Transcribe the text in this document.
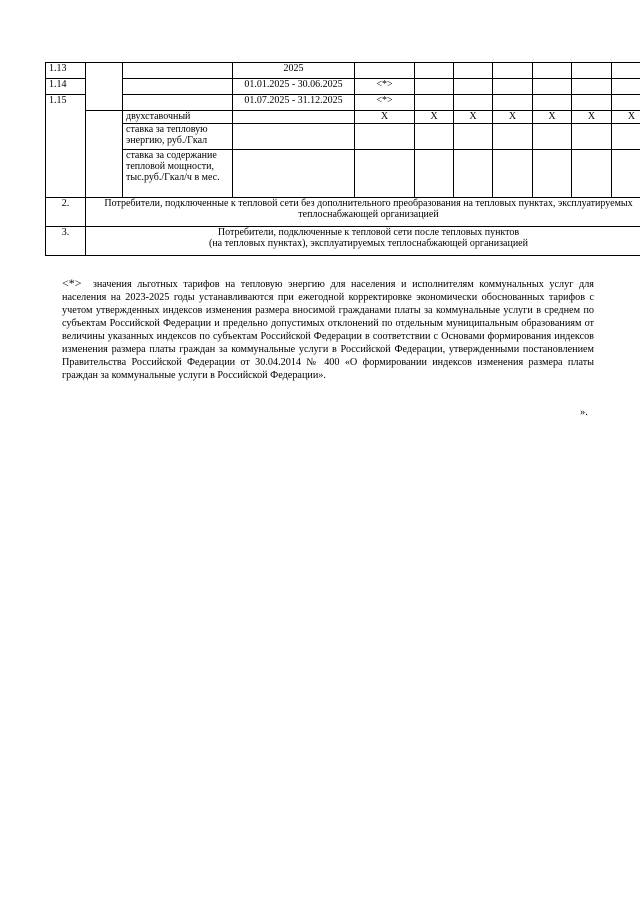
1.13			2025							
1.14			01.01.2025 - 30.06.2025	<*>						
1.15			01.07.2025 - 31.12.2025	<*>						
		двухставочный		X	X	X	X	X	X	X
		ставка за тепловую энергию, руб./Гкал								
		ставка за содержание тепловой мощности, тыс.руб./Гкал/ч в мес.								
2.	Потребители, подключенные к тепловой сети без дополнительного преобразования на тепловых пунктах, эксплуатируемых теплоснабжающей организацией									
3.	Потребители, подключенные к тепловой сети после тепловых пунктов
(на тепловых пунктах), эксплуатируемых теплоснабжающей организацией									
<*> значения льготных тарифов на тепловую энергию для населения и исполнителям коммунальных услуг для населения на 2023-2025 годы устанавливаются при ежегодной корректировке экономически обоснованных тарифов с учетом утвержденных индексов изменения размера вносимой гражданами платы за коммунальные услуги в среднем по субъектам Российской Федерации и предельно допустимых отклонений по отдельным муниципальным образованиям от величины указанных индексов по субъектам Российской Федерации в соответствии с Основами формирования индексов изменения размера платы граждан за коммунальные услуги в Российской Федерации, утвержденными постановлением Правительства Российской Федерации от 30.04.2014 № 400 «О формировании индексов изменения размера платы граждан за коммунальные услуги в Российской Федерации».
».
